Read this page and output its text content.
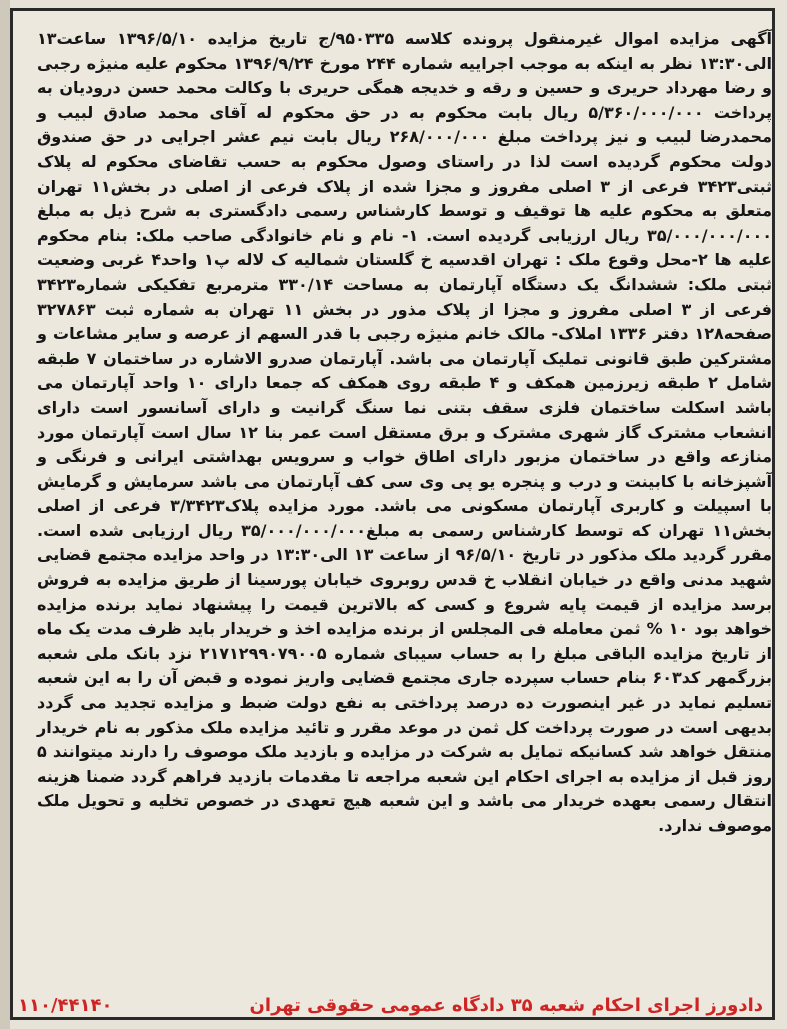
آگهی مزایده اموال غیرمنقول پرونده کلاسه ۹۵۰۳۳۵/ج تاریخ مزایده ۱۳۹۶/۵/۱۰ ساعت۱۳ الی۱۳:۳۰ نظر به اینکه به موجب اجراییه شماره ۲۴۴ مورخ ۱۳۹۶/۹/۲۴ محکوم علیه منیژه رجبی و رضا مهرداد حریری و حسین و رقه و خدیجه همگی حریری با وکالت محمد حسن درودیان به پرداخت ۵/۳۶۰/۰۰۰/۰۰۰ ریال بابت محکوم به در حق محکوم له آقای محمد صادق لبیب و محمدرضا لبیب و نیز پرداخت مبلغ ۲۶۸/۰۰۰/۰۰۰ ریال بابت نیم عشر اجرایی در حق صندوق دولت محکوم گردیده است لذا در راستای وصول محکوم به حسب تقاضای محکوم له پلاک ثبتی۳۴۲۳ فرعی از ۳ اصلی مفروز و مجزا شده از پلاک فرعی از اصلی در بخش۱۱ تهران متعلق به محکوم علیه ها توقیف و توسط کارشناس رسمی دادگستری به شرح ذیل به مبلغ ۳۵/۰۰۰/۰۰۰/۰۰۰ ریال ارزیابی گردیده است. ۱- نام و نام خانوادگی صاحب ملک: بنام محکوم علیه ها ۲-محل وقوع ملک : تهران اقدسیه خ گلستان شمالیه ک لاله پ۱ واحد۴ غربی وضعیت ثبتی ملک: ششدانگ یک دستگاه آپارتمان به مساحت ۳۳۰/۱۴ مترمربع تفکیکی شماره۳۴۲۳ فرعی از ۳ اصلی مفروز و مجزا از پلاک مذور در بخش ۱۱ تهران به شماره ثبت ۳۲۷۸۶۳ صفحه۱۲۸ دفتر ۱۳۳۶ املاک- مالک خانم منیژه رجبی با قدر السهم از عرصه و سایر مشاعات و مشترکین طبق قانونی تملیک آپارتمان می باشد. آپارتمان صدرو الاشاره در ساختمان ۷ طبقه شامل ۲ طبقه زیرزمین همکف و ۴ طبقه روی همکف که جمعا دارای ۱۰ واحد آپارتمان می باشد اسکلت ساختمان فلزی سقف بتنی نما سنگ گرانیت و دارای آسانسور است دارای انشعاب مشترک گاز شهری مشترک و برق مستقل است عمر بنا ۱۲ سال است آپارتمان مورد منازعه واقع در ساختمان مزبور دارای اطاق خواب و سرویس بهداشتی ایرانی و فرنگی و آشپزخانه با کابینت و درب و پنجره یو پی وی سی کف آپارتمان می باشد سرمایش و گرمایش با اسپیلت و کاربری آپارتمان مسکونی می باشد. مورد مزایده پلاک۳/۳۴۲۳ فرعی از اصلی بخش۱۱ تهران که توسط کارشناس رسمی به مبلغ۳۵/۰۰۰/۰۰۰/۰۰۰ ریال ارزیابی شده است. مقرر گردید ملک مذکور در تاریخ ۹۶/۵/۱۰ از ساعت ۱۳ الی۱۳:۳۰ در واحد مزایده مجتمع قضایی شهید مدنی واقع در خیابان انقلاب خ قدس روبروی خیابان پورسینا از طریق مزایده به فروش برسد مزایده از قیمت پایه شروع و کسی که بالاترین قیمت را پیشنهاد نماید برنده مزایده خواهد بود ۱۰ % ثمن معامله فی المجلس از برنده مزایده اخذ و خریدار باید ظرف مدت یک ماه از تاریخ مزایده الباقی مبلغ را به حساب سیبای شماره ۲۱۷۱۲۹۹۰۷۹۰۰۵ نزد بانک ملی شعبه بزرگمهر کد۶۰۳ بنام حساب سپرده جاری مجتمع قضایی واریز نموده و قبض آن را به این شعبه تسلیم نماید در غیر اینصورت ده درصد پرداختی به نفع دولت ضبط و مزایده تجدید می گردد بدیهی است در صورت پرداخت کل ثمن در موعد مقرر و تائید مزایده ملک مذکور به نام خریدار منتقل خواهد شد کسانیکه تمایل به شرکت در مزایده و بازدید ملک موصوف را دارند میتوانند ۵ روز قبل از مزایده به اجرای احکام این شعبه مراجعه تا مقدمات بازدید فراهم گردد ضمنا هزینه انتقال رسمی بعهده خریدار می باشد و این شعبه هیچ تعهدی در خصوص تخلیه و تحویل ملک موصوف ندارد.

دادورز اجرای احکام شعبه ۳۵ دادگاه عمومی حقوقی تهران
۱۱۰/۴۴۱۴۰
